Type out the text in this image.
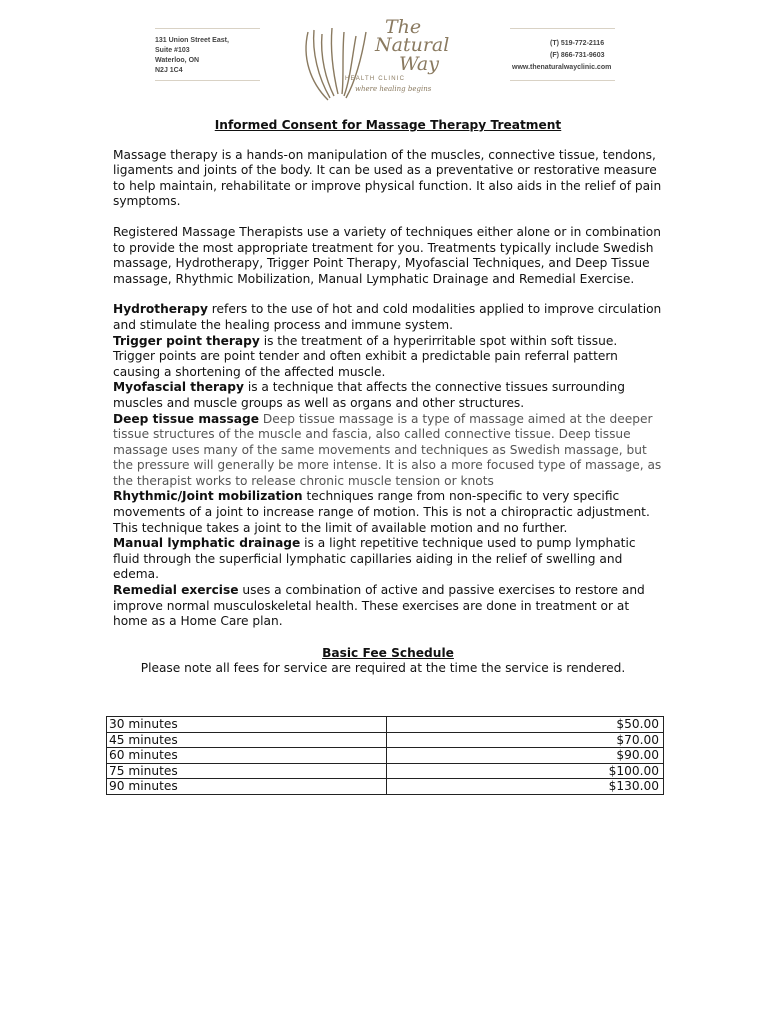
131 Union Street East,
Suite #103
Waterloo, ON
N2J 1C4
The
Natural
Way
HEALTH CLINIC
where healing begins
(T) 519-772-2116
(F) 866-731-9603
www.thenaturalwayclinic.com
Informed Consent for Massage Therapy Treatment

Massage therapy is a hands-on manipulation of the muscles, connective tissue, tendons, ligaments and joints of the body. It can be used as a preventative or restorative measure to help maintain, rehabilitate or improve physical function. It also aids in the relief of pain symptoms.

Registered Massage Therapists use a variety of techniques either alone or in combination to provide the most appropriate treatment for you. Treatments typically include Swedish massage, Hydrotherapy, Trigger Point Therapy, Myofascial Techniques, and Deep Tissue massage, Rhythmic Mobilization, Manual Lymphatic Drainage and Remedial Exercise.

Hydrotherapy refers to the use of hot and cold modalities applied to improve circulation and stimulate the healing process and immune system.
Trigger point therapy is the treatment of a hyperirritable spot within soft tissue. Trigger points are point tender and often exhibit a predictable pain referral pattern causing a shortening of the affected muscle.
Myofascial therapy is a technique that affects the connective tissues surrounding muscles and muscle groups as well as organs and other structures.
Deep tissue massage Deep tissue massage is a type of massage aimed at the deeper tissue structures of the muscle and fascia, also called connective tissue. Deep tissue massage uses many of the same movements and techniques as Swedish massage, but the pressure will generally be more intense. It is also a more focused type of massage, as the therapist works to release chronic muscle tension or knots
Rhythmic/Joint mobilization techniques range from non-specific to very specific movements of a joint to increase range of motion. This is not a chiropractic adjustment. This technique takes a joint to the limit of available motion and no further.
Manual lymphatic drainage is a light repetitive technique used to pump lymphatic fluid through the superficial lymphatic capillaries aiding in the relief of swelling and edema.
Remedial exercise uses a combination of active and passive exercises to restore and improve normal musculoskeletal health. These exercises are done in treatment or at home as a Home Care plan.
Basic Fee Schedule
Please note all fees for service are required at the time the service is rendered.
30 minutes	$50.00
45 minutes	$70.00
60 minutes	$90.00
75 minutes	$100.00
90 minutes	$130.00
